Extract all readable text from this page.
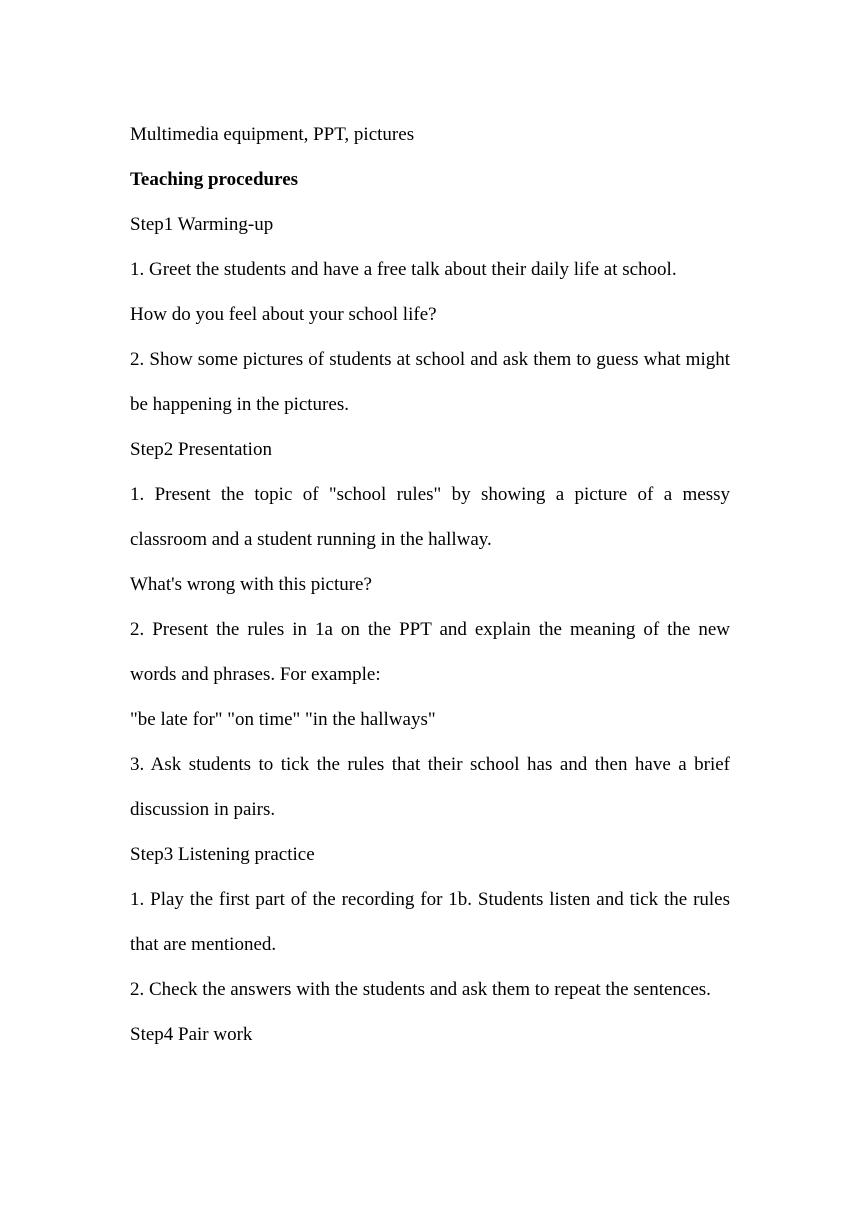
Multimedia equipment, PPT, pictures

Teaching procedures

Step1 Warming-up

1. Greet the students and have a free talk about their daily life at school.

How do you feel about your school life?

2. Show some pictures of students at school and ask them to guess what might be happening in the pictures.

Step2 Presentation

1. Present the topic of "school rules" by showing a picture of a messy classroom and a student running in the hallway.

What's wrong with this picture?

2. Present the rules in 1a on the PPT and explain the meaning of the new words and phrases. For example:

"be late for" "on time" "in the hallways"

3. Ask students to tick the rules that their school has and then have a brief discussion in pairs.

Step3 Listening practice

1. Play the first part of the recording for 1b. Students listen and tick the rules that are mentioned.

2. Check the answers with the students and ask them to repeat the sentences.

Step4 Pair work
